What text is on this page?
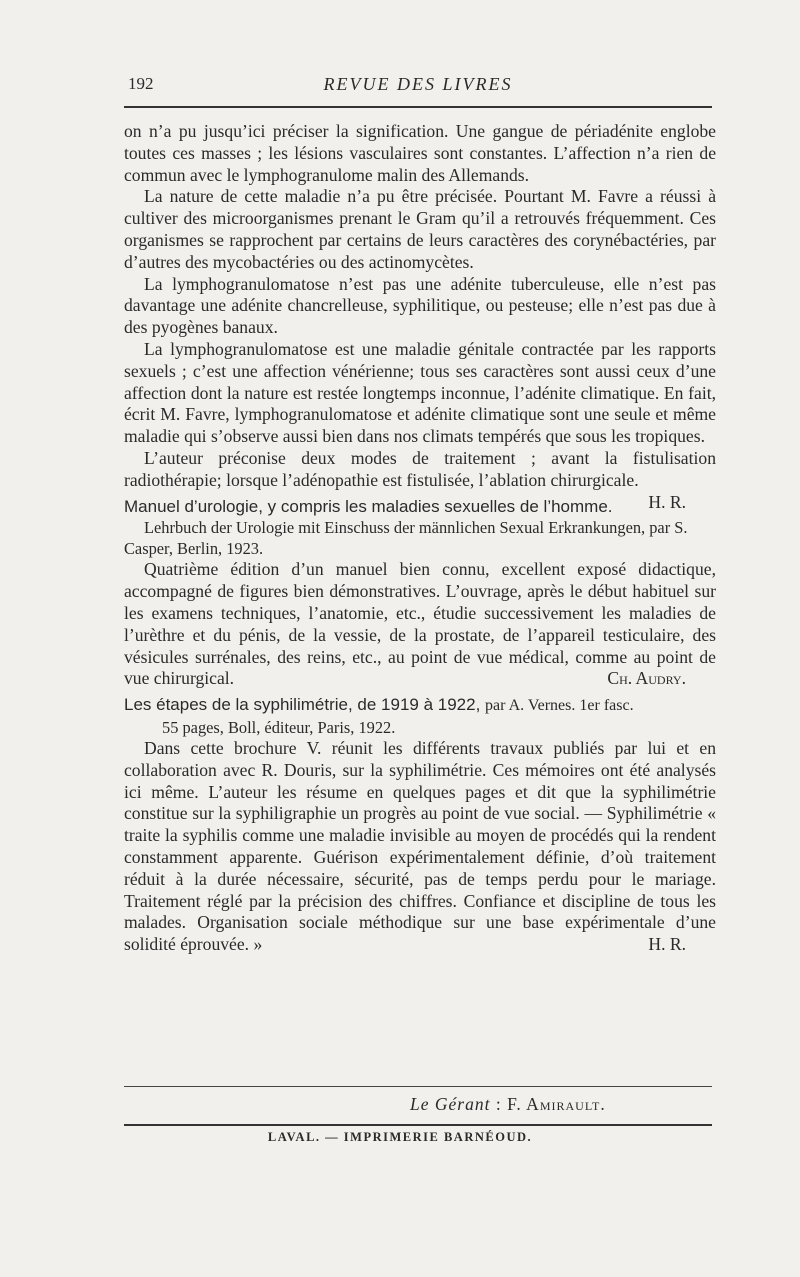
192	REVUE DES LIVRES

on n’a pu jusqu’ici préciser la signification. Une gangue de périadénite englobe toutes ces masses ; les lésions vasculaires sont constantes. L’affection n’a rien de commun avec le lymphogranulome malin des Allemands.

La nature de cette maladie n’a pu être précisée. Pourtant M. Favre a réussi à cultiver des microorganismes prenant le Gram qu’il a retrouvés fréquemment. Ces organismes se rapprochent par certains de leurs caractères des corynébactéries, par d’autres des mycobactéries ou des actinomycètes.

La lymphogranulomatose n’est pas une adénite tuberculeuse, elle n’est pas davantage une adénite chancrelleuse, syphilitique, ou pesteuse; elle n’est pas due à des pyogènes banaux.

La lymphogranulomatose est une maladie génitale contractée par les rapports sexuels ; c’est une affection vénérienne; tous ses caractères sont aussi ceux d’une affection dont la nature est restée longtemps inconnue, l’adénite climatique. En fait, écrit M. Favre, lymphogranulomatose et adénite climatique sont une seule et même maladie qui s’observe aussi bien dans nos climats tempérés que sous les tropiques.

L’auteur préconise deux modes de traitement ; avant la fistulisation radiothérapie; lorsque l’adénopathie est fistulisée, l’ablation chirurgicale.
H. R.

Manuel d’urologie, y compris les maladies sexuelles de l’homme.

Lehrbuch der Urologie mit Einschuss der männlichen Sexual Erkrankungen, par S. Casper, Berlin, 1923.

Quatrième édition d’un manuel bien connu, excellent exposé didactique, accompagné de figures bien démonstratives. L’ouvrage, après le début habituel sur les examens techniques, l’anatomie, etc., étudie successivement les maladies de l’urèthre et du pénis, de la vessie, de la prostate, de l’appareil testiculaire, des vésicules surrénales, des reins, etc., au point de vue médical, comme au point de vue chirurgical.	Ch. Audry.

Les étapes de la syphilimétrie, de 1919 à 1922, par A. Vernes. 1er fasc.

55 pages, Boll, éditeur, Paris, 1922.

Dans cette brochure V. réunit les différents travaux publiés par lui et en collaboration avec R. Douris, sur la syphilimétrie. Ces mémoires ont été analysés ici même. L’auteur les résume en quelques pages et dit que la syphilimétrie constitue sur la syphiligraphie un progrès au point de vue social. — Syphilimétrie « traite la syphilis comme une maladie invisible au moyen de procédés qui la rendent constamment apparente. Guérison expérimentalement définie, d’où traitement réduit à la durée nécessaire, sécurité, pas de temps perdu pour le mariage. Traitement réglé par la précision des chiffres. Confiance et discipline de tous les malades. Organisation sociale méthodique sur une base expérimentale d’une solidité éprouvée. »	H. R.

Le Gérant : F. Amirault.
LAVAL. — IMPRIMERIE BARNÉOUD.
